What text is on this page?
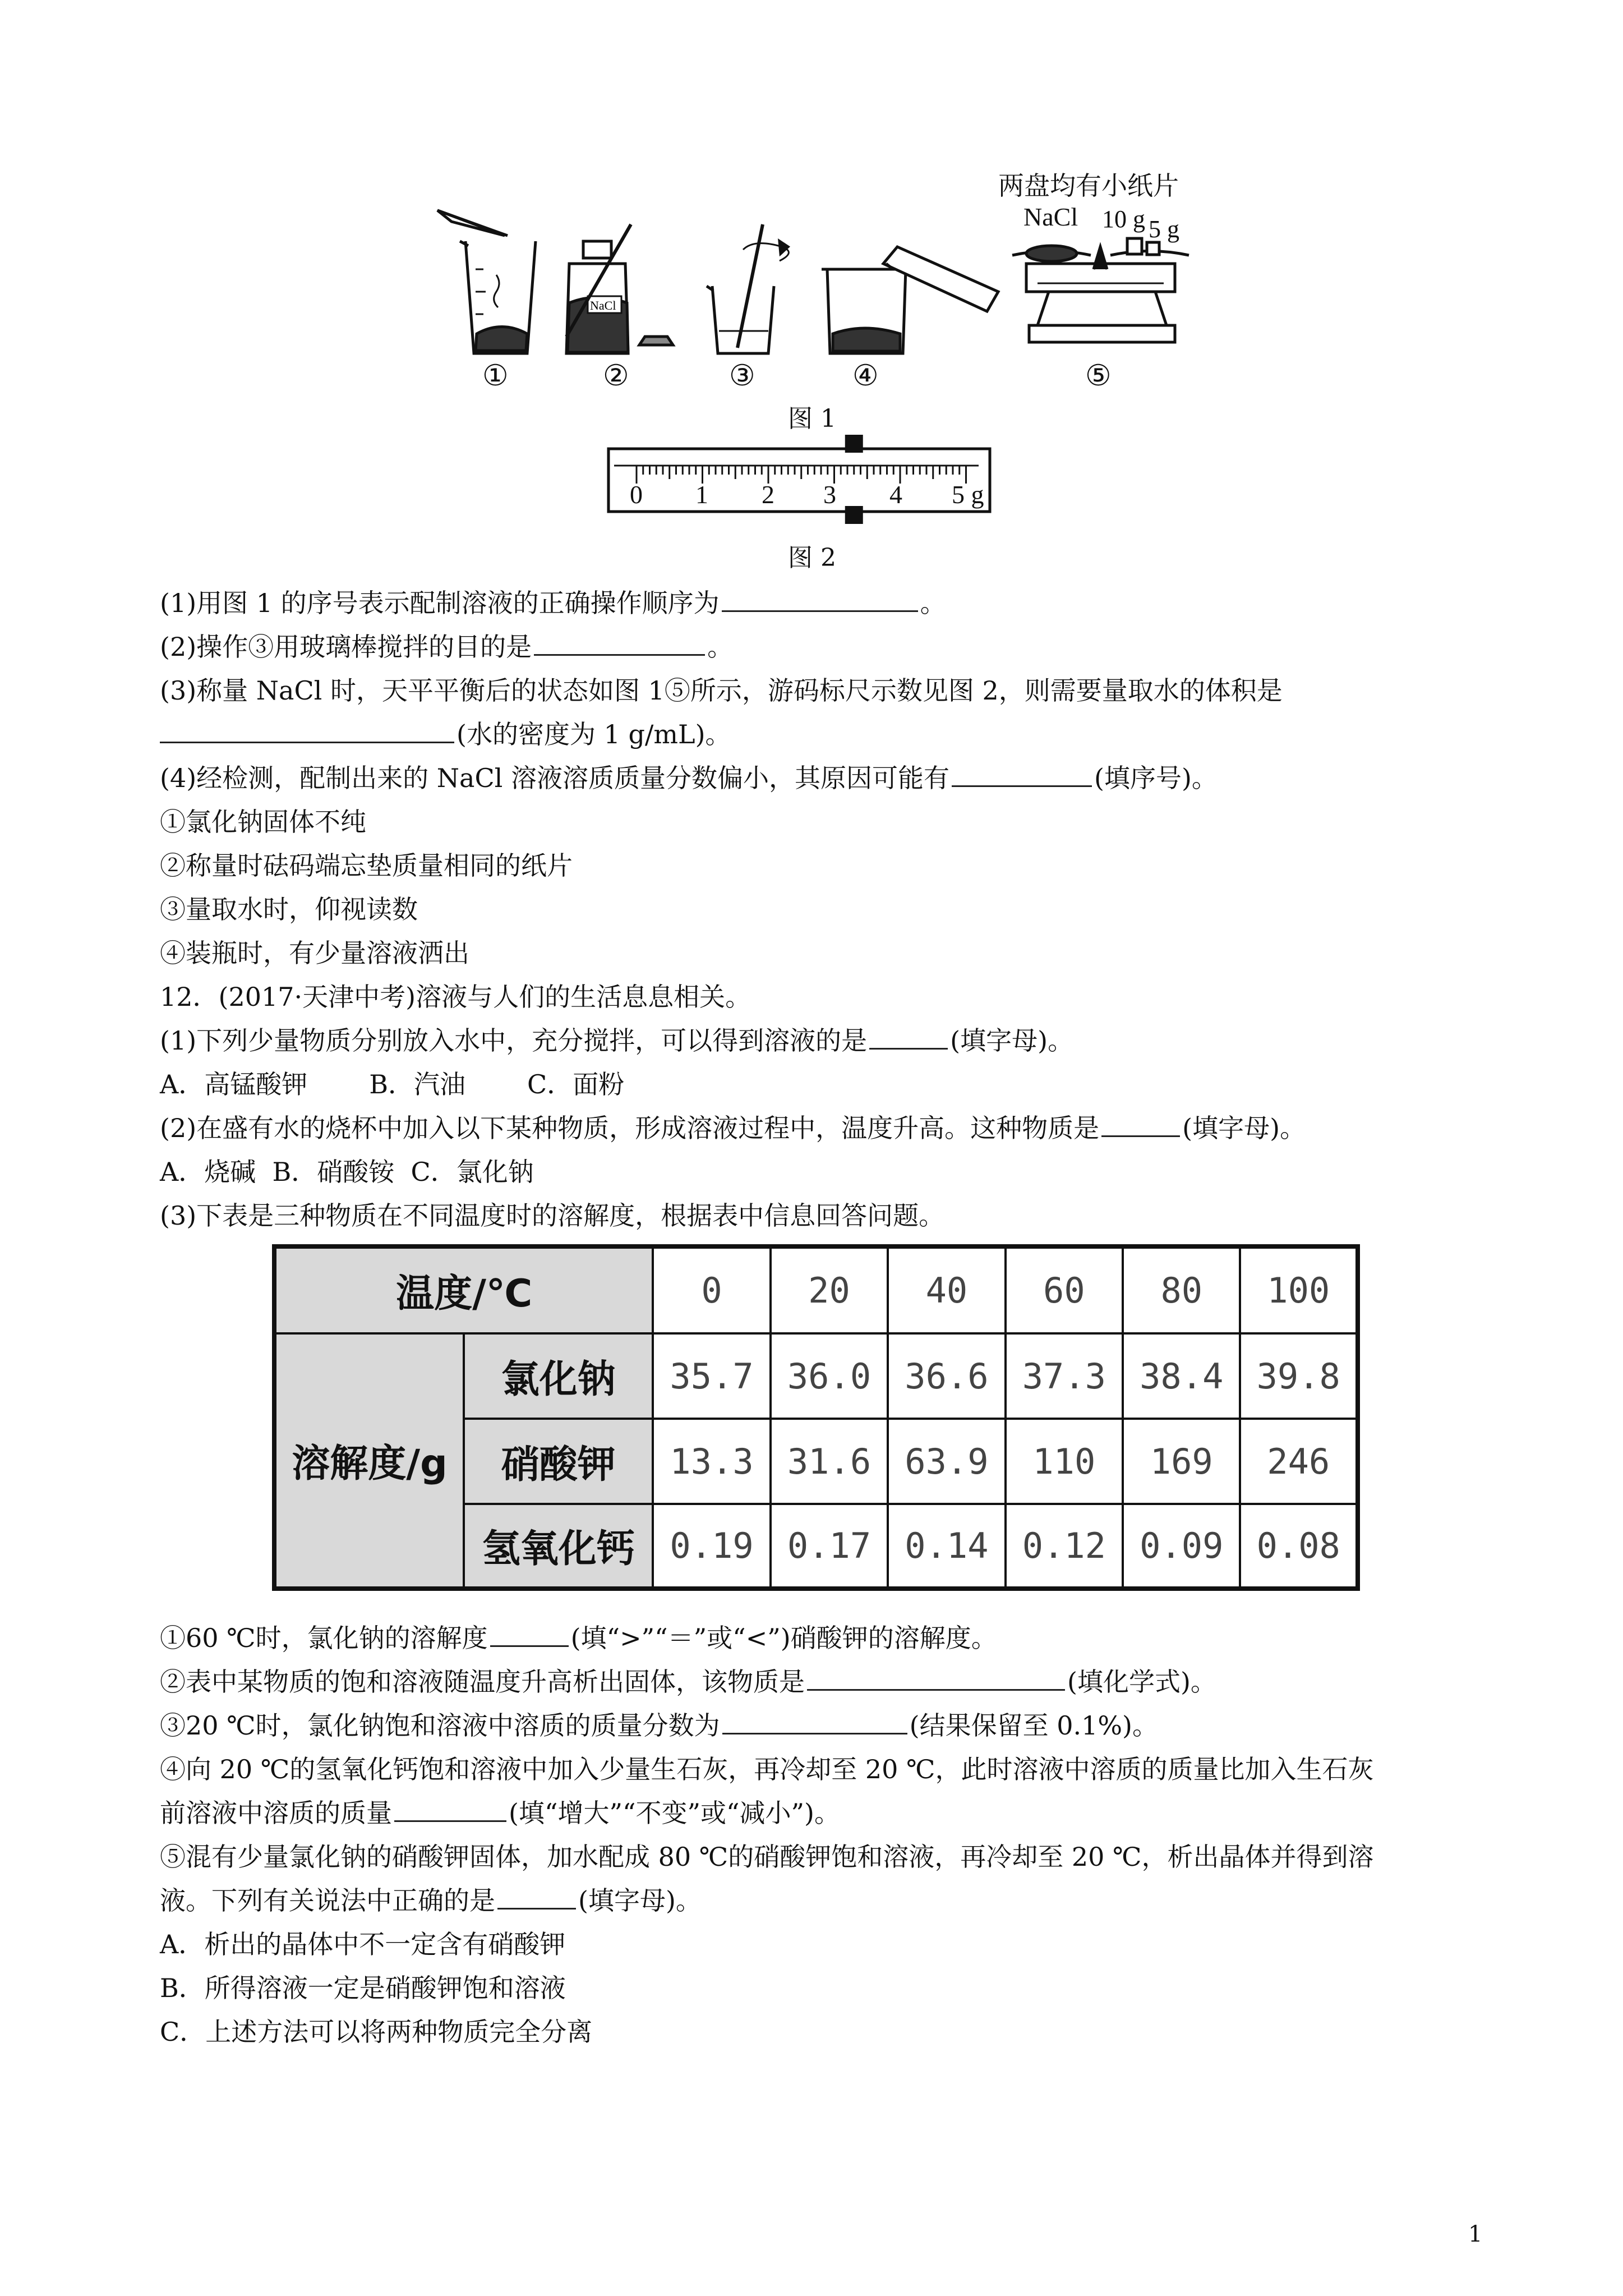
NaCl
两盘均有小纸片
NaCl 10 g 5 g
①	②	③	④	⑤
图 1
0 1 2 3 4 5 g
图 2
(1)用图 1 的序号表示配制溶液的正确操作顺序为	。
(2)操作③用玻璃棒搅拌的目的是	。
(3)称量 NaCl 时，天平平衡后的状态如图 1⑤所示，游码标尺示数见图 2，则需要量取水的体积是
(水的密度为 1 g/mL)。
(4)经检测，配制出来的 NaCl 溶液溶质质量分数偏小，其原因可能有	(填序号)。
①氯化钠固体不纯
②称量时砝码端忘垫质量相同的纸片
③量取水时，仰视读数
④装瓶时，有少量溶液洒出
12．(2017·天津中考)溶液与人们的生活息息相关。
(1)下列少量物质分别放入水中，充分搅拌，可以得到溶液的是	(填字母)。
A．高锰酸钾 B．汽油 C．面粉
(2)在盛有水的烧杯中加入以下某种物质，形成溶液过程中，温度升高。这种物质是	(填字母)。
A．烧碱  B．硝酸铵  C．氯化钠
(3)下表是三种物质在不同温度时的溶解度，根据表中信息回答问题。
温度/℃		0	20	40	60	80	100
溶解度/g	氯化钠	35.7	36.0	36.6	37.3	38.4	39.8
	硝酸钾	13.3	31.6	63.9	110	169	246
	氢氧化钙	0.19	0.17	0.14	0.12	0.09	0.08
①60 ℃时，氯化钠的溶解度	(填“>”“＝”或“<”)硝酸钾的溶解度。
②表中某物质的饱和溶液随温度升高析出固体，该物质是	(填化学式)。
③20 ℃时，氯化钠饱和溶液中溶质的质量分数为	(结果保留至 0.1%)。
④向 20 ℃的氢氧化钙饱和溶液中加入少量生石灰，再冷却至 20 ℃，此时溶液中溶质的质量比加入生石灰
前溶液中溶质的质量	(填“增大”“不变”或“减小”)。
⑤混有少量氯化钠的硝酸钾固体，加水配成 80 ℃的硝酸钾饱和溶液，再冷却至 20 ℃，析出晶体并得到溶
液。下列有关说法中正确的是	(填字母)。
A．析出的晶体中不一定含有硝酸钾
B．所得溶液一定是硝酸钾饱和溶液
C．上述方法可以将两种物质完全分离
1
